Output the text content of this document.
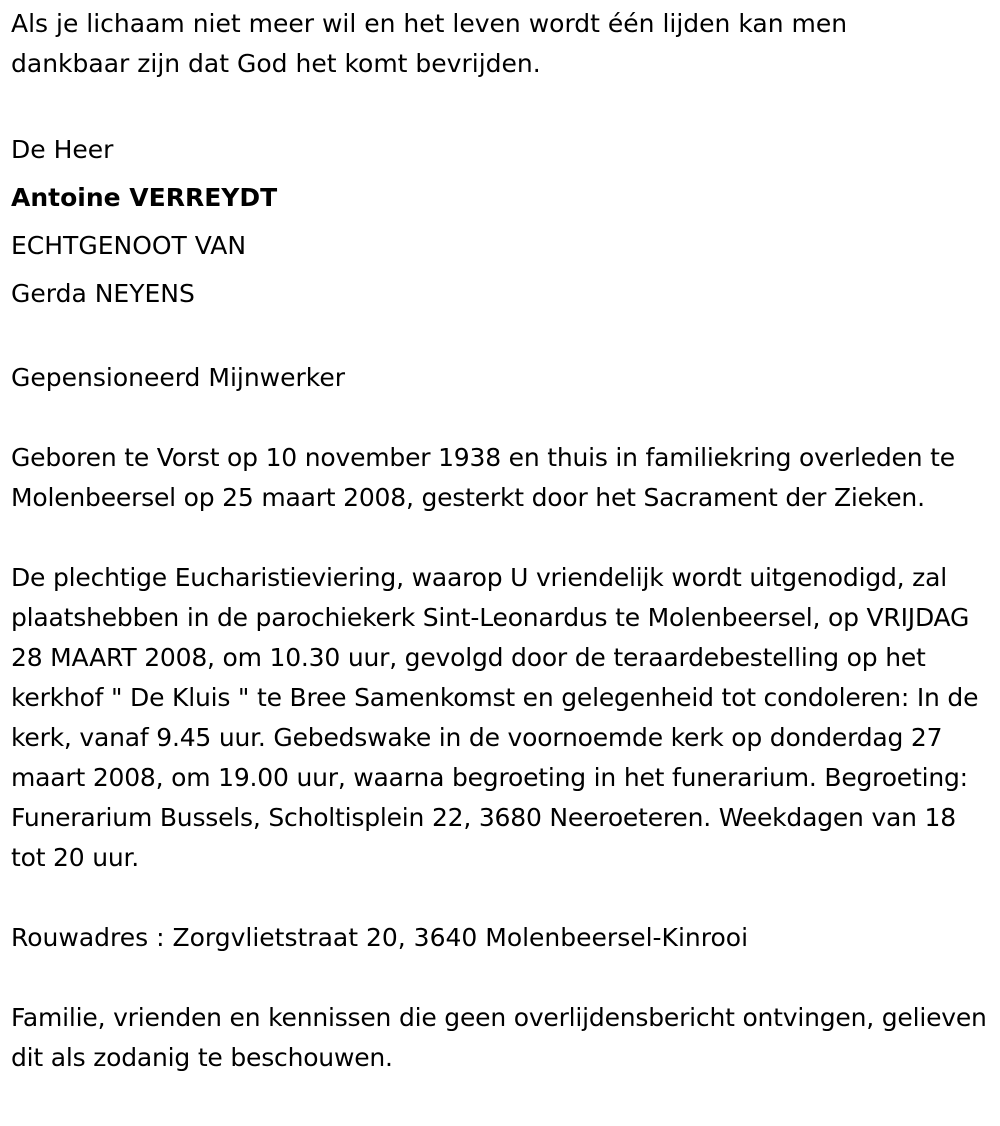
Als je lichaam niet meer wil en het leven wordt één lijden kan men

dankbaar zijn dat God het komt bevrijden.

De Heer

Antoine VERREYDT

ECHTGENOOT VAN

Gerda NEYENS

Gepensioneerd Mijnwerker

Geboren te Vorst op 10 november 1938 en thuis in familiekring overleden te Molenbeersel op 25 maart 2008, gesterkt door het Sacrament der Zieken.

De plechtige Eucharistieviering, waarop U vriendelijk wordt uitgenodigd, zal plaatshebben in de parochiekerk Sint-Leonardus te Molenbeersel, op VRIJDAG 28 MAART 2008, om 10.30 uur, gevolgd door de teraardebestelling op het kerkhof " De Kluis " te Bree Samenkomst en gelegenheid tot condoleren: In de kerk, vanaf 9.45 uur. Gebedswake in de voornoemde kerk op donderdag 27 maart 2008, om 19.00 uur, waarna begroeting in het funerarium. Begroeting: Funerarium Bussels, Scholtisplein 22, 3680 Neeroeteren. Weekdagen van 18 tot 20 uur.

Rouwadres : Zorgvlietstraat 20, 3640 Molenbeersel-Kinrooi

Familie, vrienden en kennissen die geen overlijdensbericht ontvingen, gelieven dit als zodanig te beschouwen.
